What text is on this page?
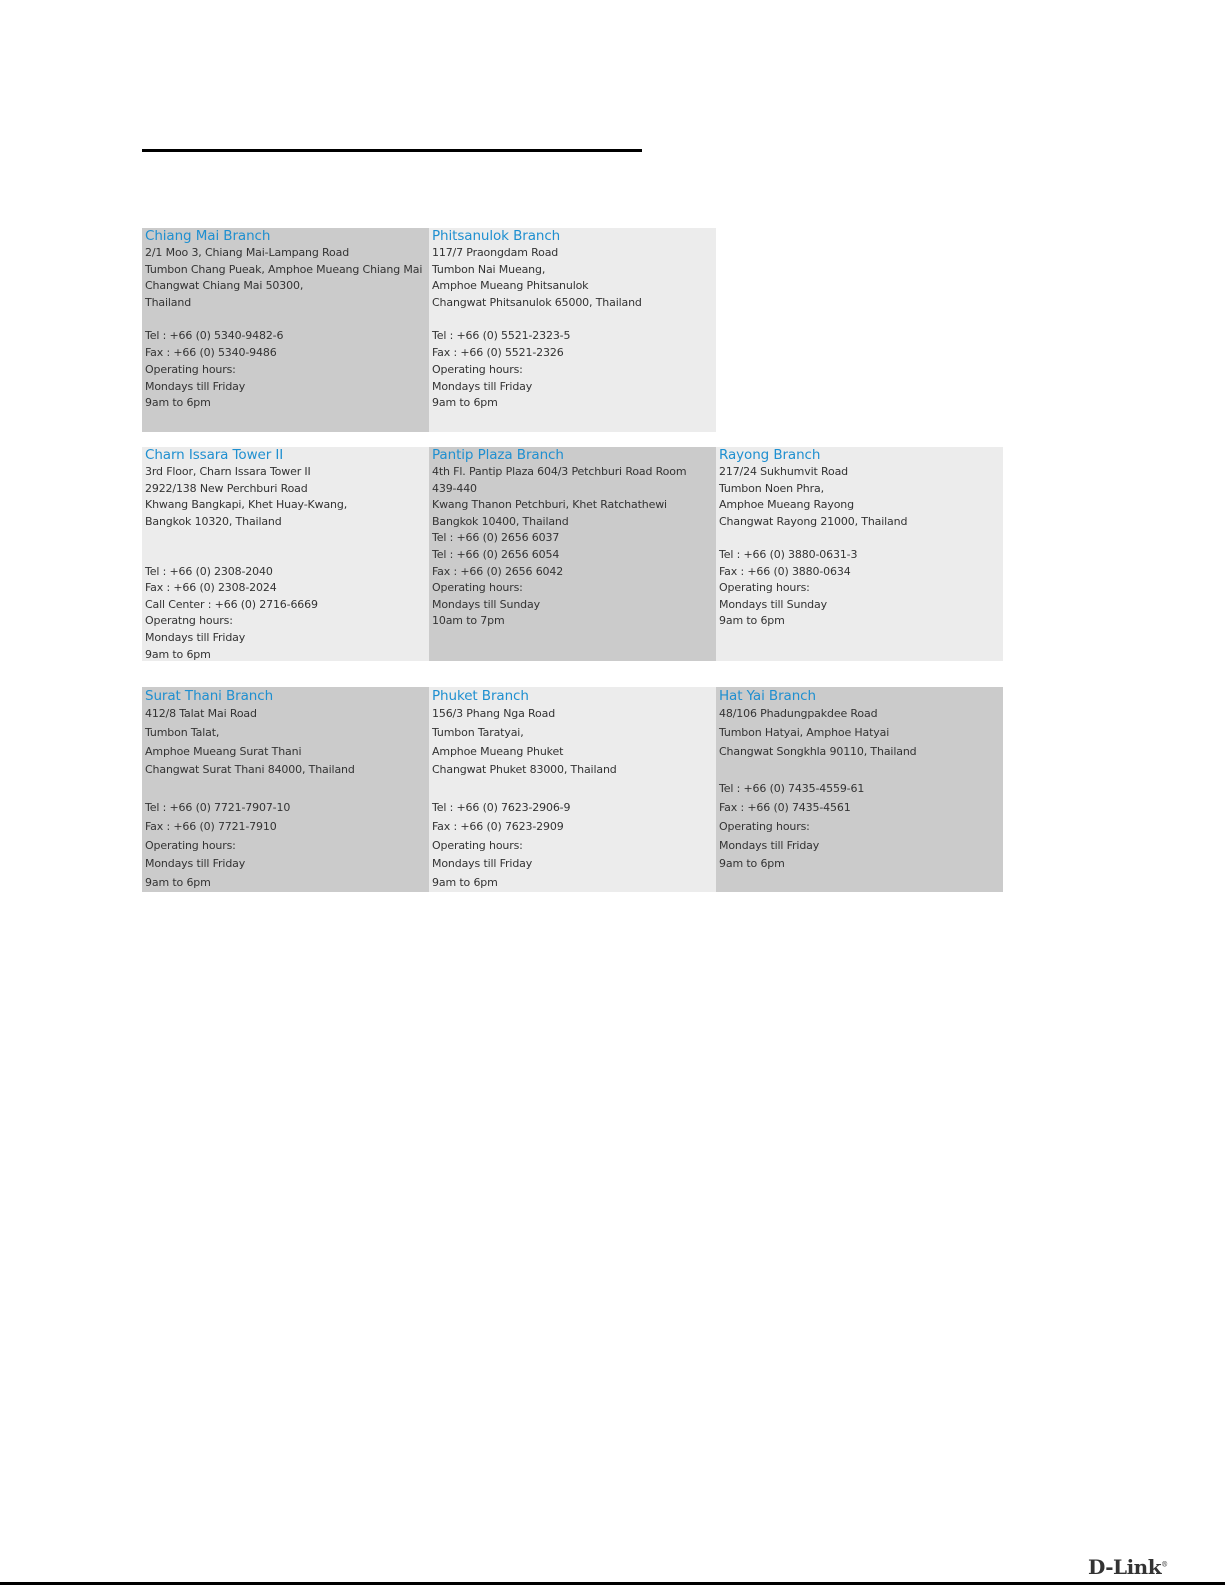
Chiang Mai Branch
2/1 Moo 3, Chiang Mai-Lampang Road
Tumbon Chang Pueak, Amphoe Mueang Chiang Mai
Changwat Chiang Mai 50300,
Thailand
Tel : +66 (0) 5340-9482-6
Fax : +66 (0) 5340-9486
Operating hours:
Mondays till Friday
9am to 6pm
Phitsanulok Branch
117/7 Praongdam Road
Tumbon Nai Mueang,
Amphoe Mueang Phitsanulok
Changwat Phitsanulok 65000, Thailand
Tel : +66 (0) 5521-2323-5
Fax : +66 (0) 5521-2326
Operating hours:
Mondays till Friday
9am to 6pm
Charn Issara Tower II
3rd Floor, Charn Issara Tower II
2922/138 New Perchburi Road
Khwang Bangkapi, Khet Huay-Kwang,
Bangkok 10320, Thailand
Tel : +66 (0) 2308-2040
Fax : +66 (0) 2308-2024
Call Center : +66 (0) 2716-6669
Operatng hours:
Mondays till Friday
9am to 6pm
Pantip Plaza Branch
4th Fl. Pantip Plaza 604/3 Petchburi Road Room
439-440
Kwang Thanon Petchburi, Khet Ratchathewi
Bangkok 10400, Thailand
Tel : +66 (0) 2656 6037
Tel : +66 (0) 2656 6054
Fax : +66 (0) 2656 6042
Operating hours:
Mondays till Sunday
10am to 7pm
Rayong Branch
217/24 Sukhumvit Road
Tumbon Noen Phra,
Amphoe Mueang Rayong
Changwat Rayong 21000, Thailand
Tel : +66 (0) 3880-0631-3
Fax : +66 (0) 3880-0634
Operating hours:
Mondays till Sunday
9am to 6pm
Surat Thani Branch
412/8 Talat Mai Road
Tumbon Talat,
Amphoe Mueang Surat Thani
Changwat Surat Thani 84000, Thailand
Tel : +66 (0) 7721-7907-10
Fax : +66 (0) 7721-7910
Operating hours:
Mondays till Friday
9am to 6pm
Phuket Branch
156/3 Phang Nga Road
Tumbon Taratyai,
Amphoe Mueang Phuket
Changwat Phuket 83000, Thailand
Tel : +66 (0) 7623-2906-9
Fax : +66 (0) 7623-2909
Operating hours:
Mondays till Friday
9am to 6pm
Hat Yai Branch
48/106 Phadungpakdee Road
Tumbon Hatyai, Amphoe Hatyai
Changwat Songkhla 90110, Thailand
Tel : +66 (0) 7435-4559-61
Fax : +66 (0) 7435-4561
Operating hours:
Mondays till Friday
9am to 6pm
D-Link®
